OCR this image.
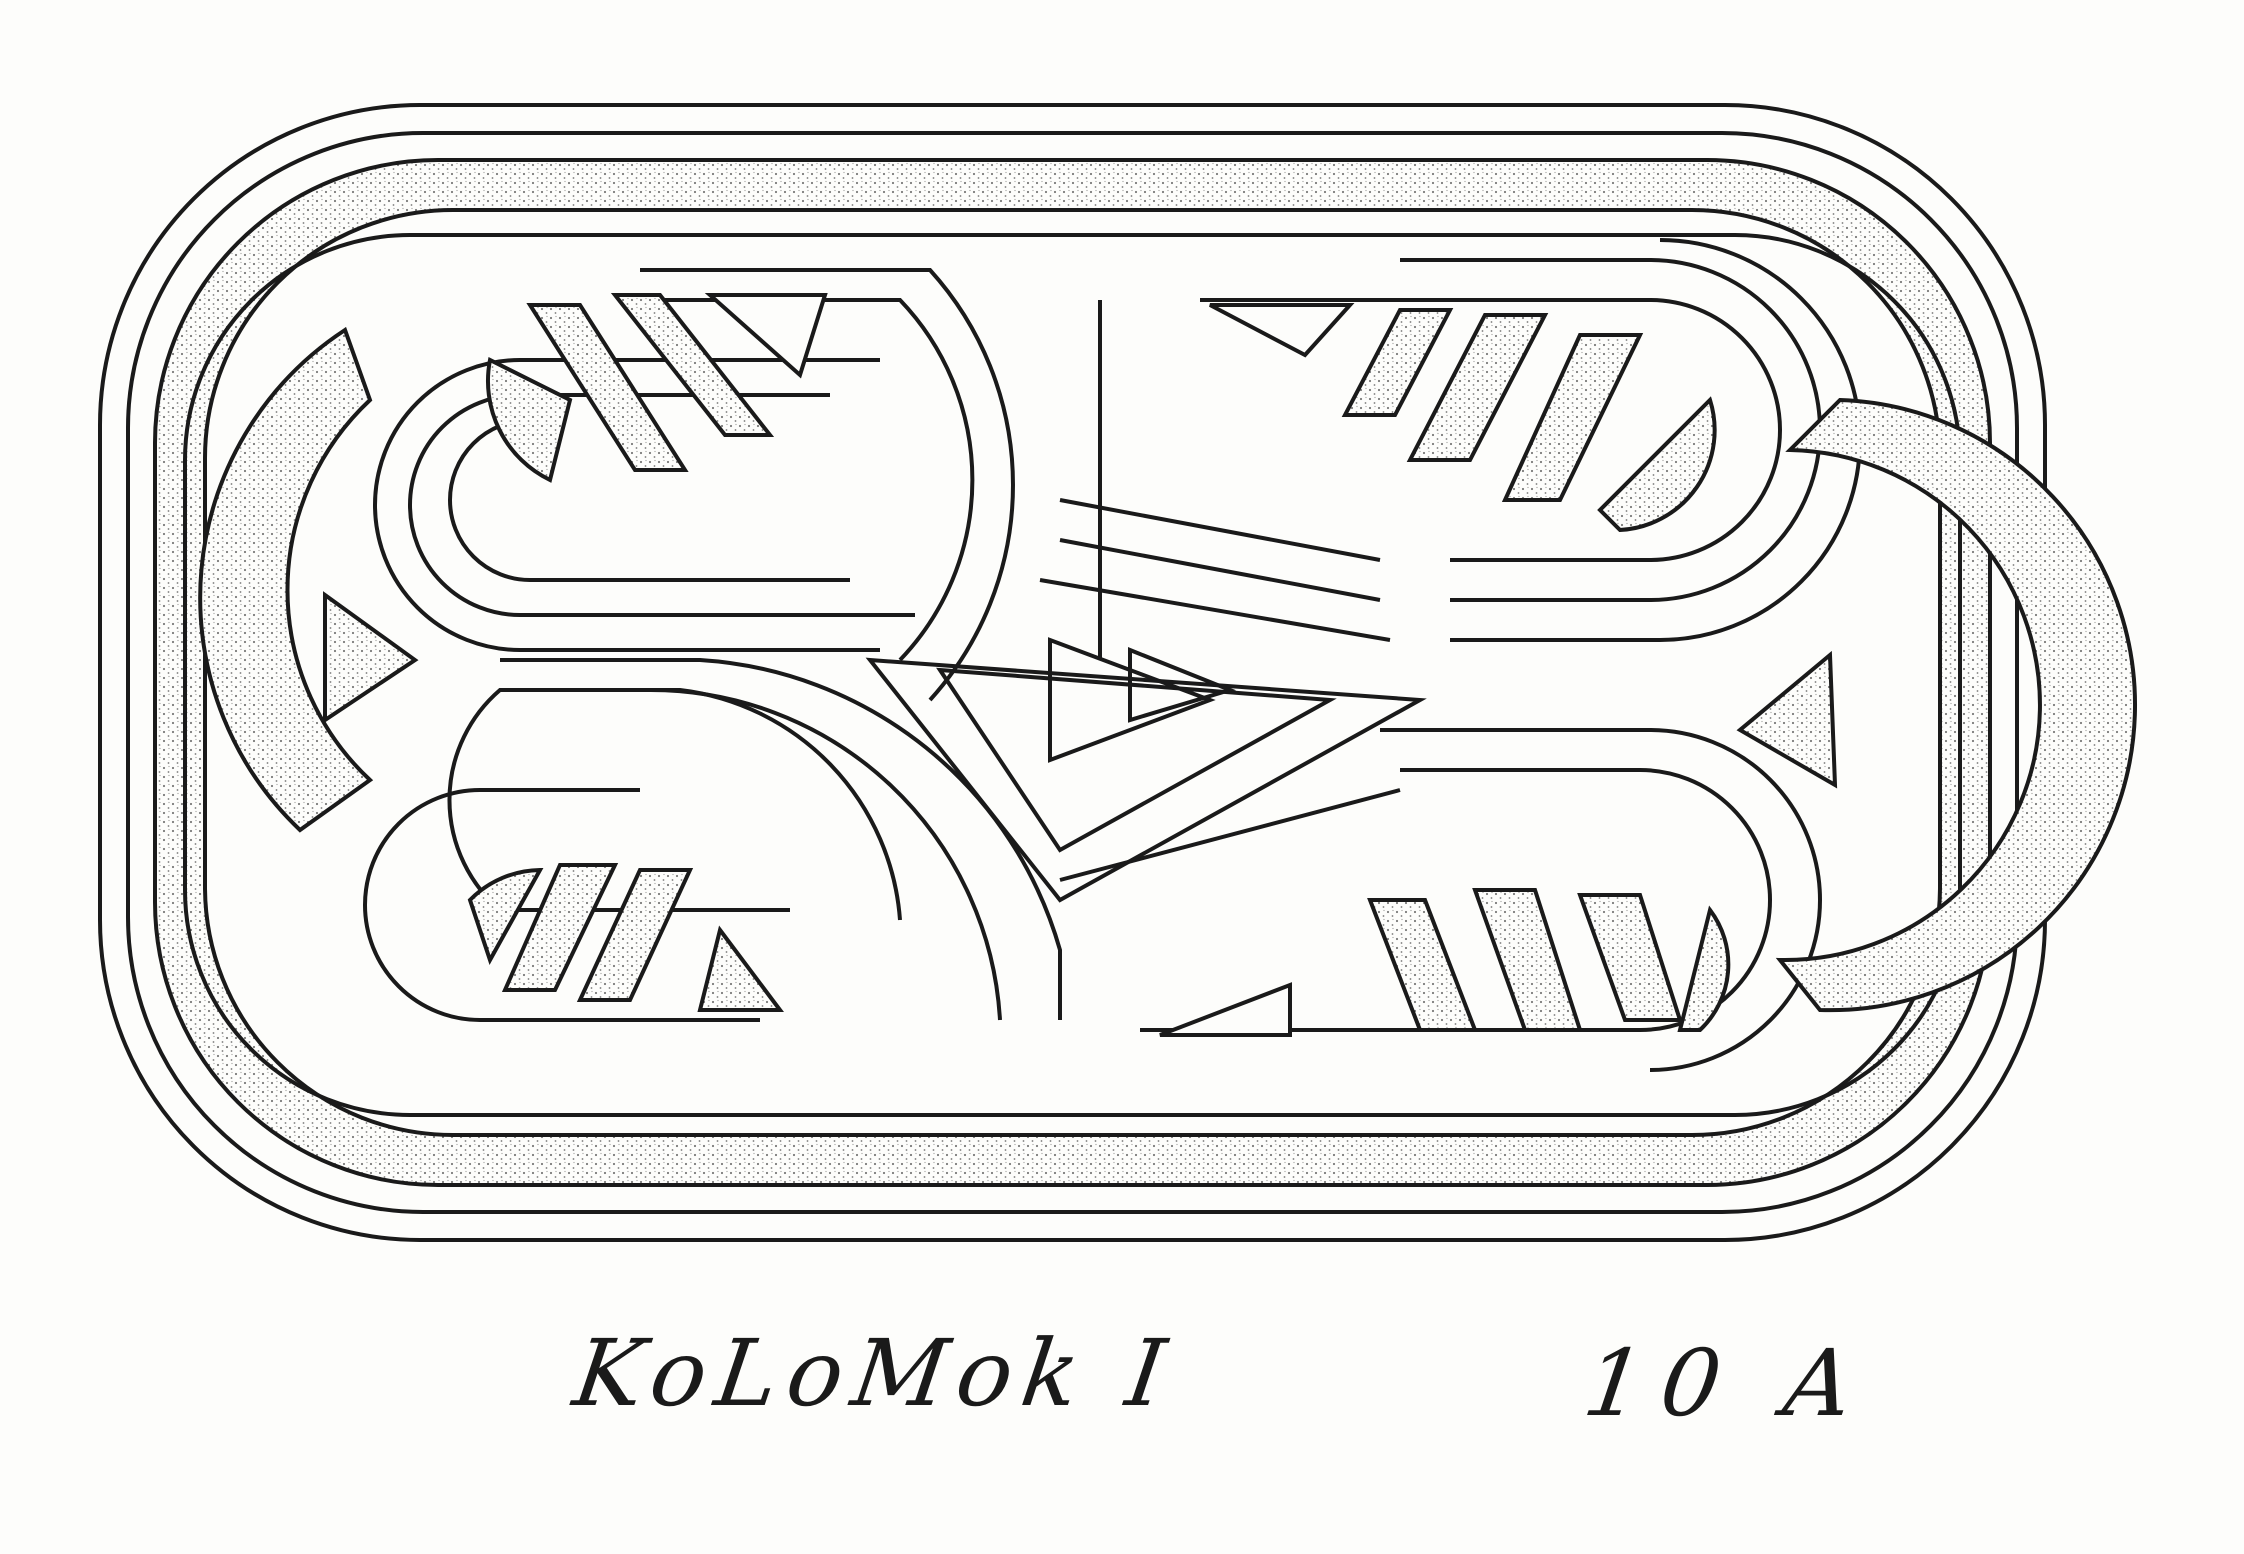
KoLoMok I	10 A
